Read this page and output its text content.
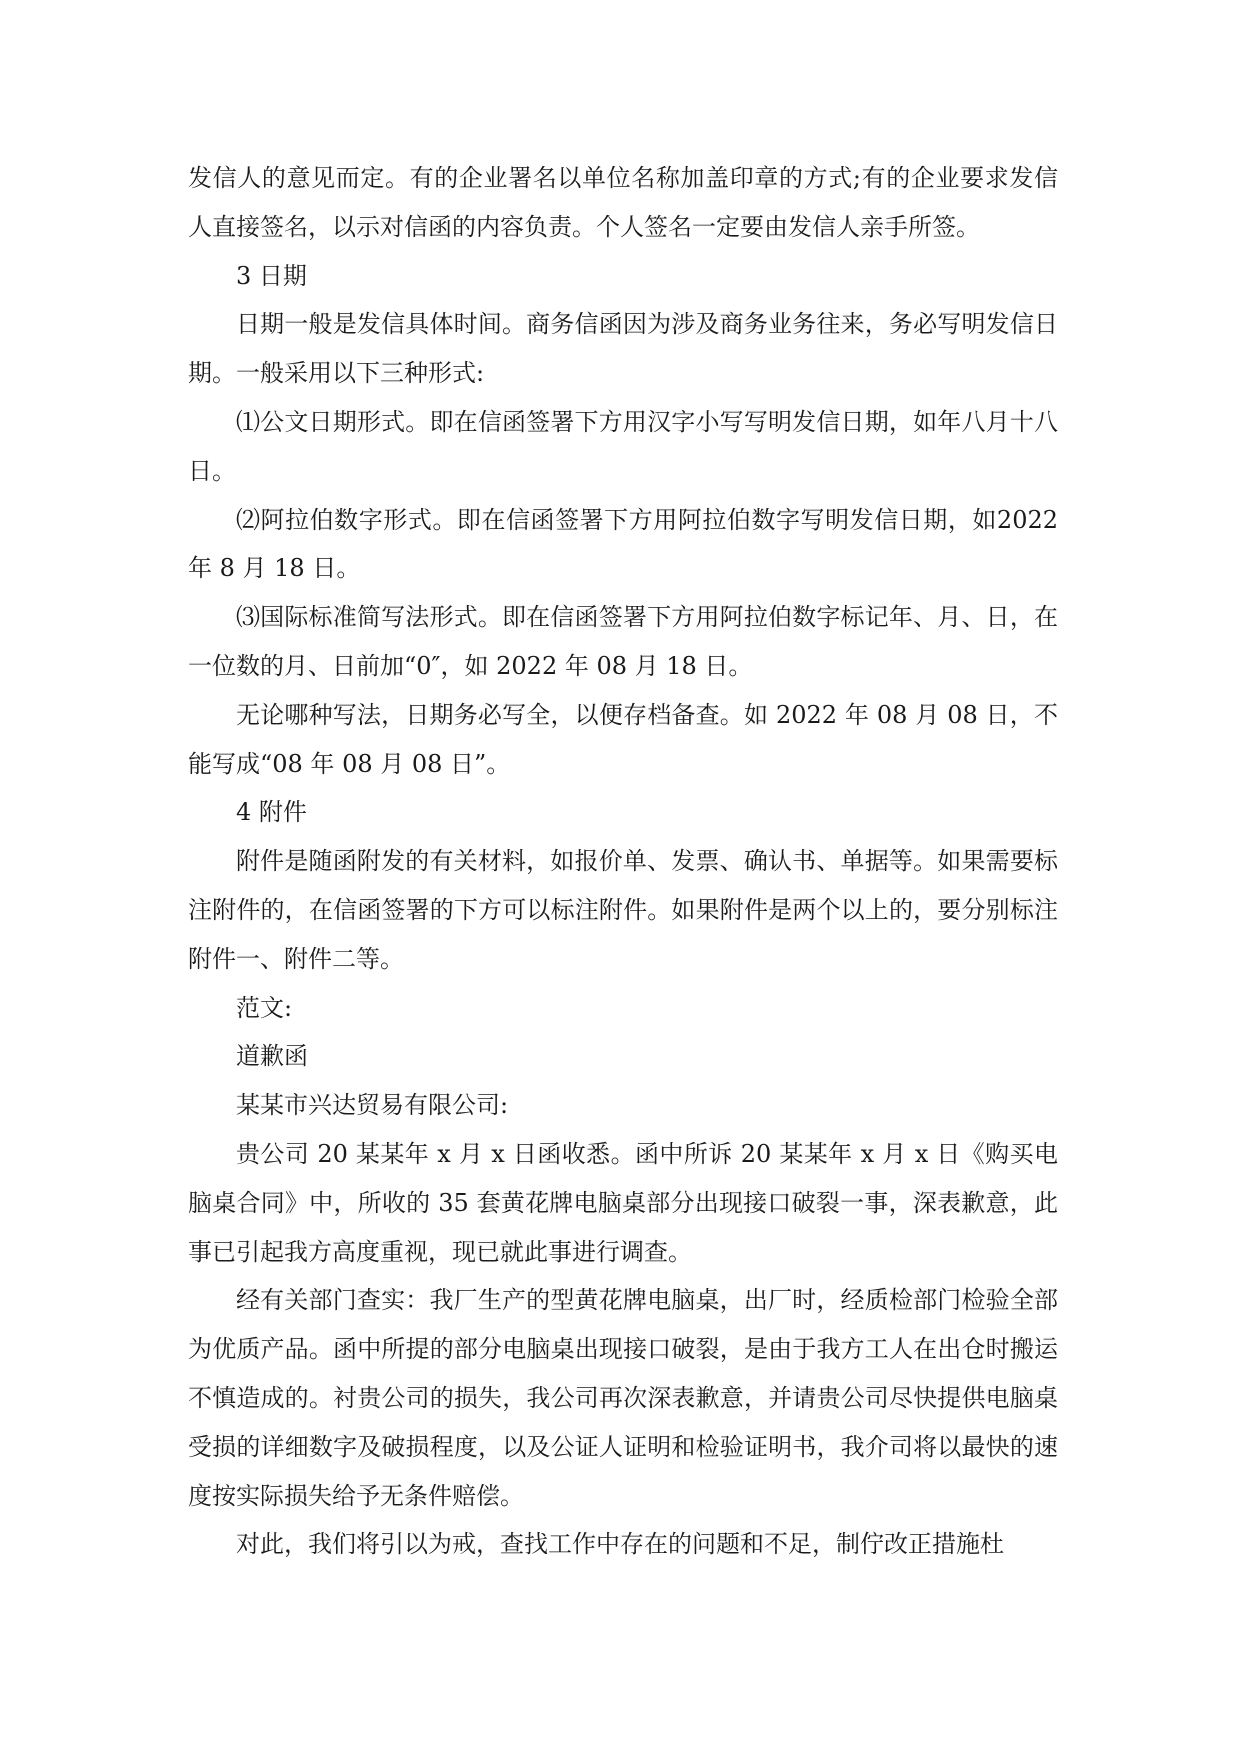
发信人的意见而定。有的企业署名以单位名称加盖印章的方式;有的企业要求发信人直接签名，以示对信函的内容负责。个人签名一定要由发信人亲手所签。

3 日期

日期一般是发信具体时间。商务信函因为涉及商务业务往来，务必写明发信日期。一般采用以下三种形式:

⑴公文日期形式。即在信函签署下方用汉字小写写明发信日期，如年八月十八日。

⑵阿拉伯数字形式。即在信函签署下方用阿拉伯数字写明发信日期，如2022 年 8 月 18 日。

⑶国际标准简写法形式。即在信函签署下方用阿拉伯数字标记年、月、日，在一位数的月、日前加“0″，如 2022 年 08 月 18 日。

无论哪种写法，日期务必写全，以便存档备查。如 2022 年 08 月 08 日，不能写成“08 年 08 月 08 日”。

4 附件

附件是随函附发的有关材料，如报价单、发票、确认书、单据等。如果需要标注附件的，在信函签署的下方可以标注附件。如果附件是两个以上的，要分别标注附件一、附件二等。

范文:

道歉函

某某市兴达贸易有限公司:

贵公司 20 某某年 x 月 x 日函收悉。函中所诉 20 某某年 x 月 x 日《购买电脑桌合同》中，所收的 35 套黄花牌电脑桌部分出现接口破裂一事，深表歉意，此事已引起我方高度重视，现已就此事进行调查。

经有关部门查实：我厂生产的型黄花牌电脑桌，出厂时，经质检部门检验全部为优质产品。函中所提的部分电脑桌出现接口破裂，是由于我方工人在出仓时搬运不慎造成的。衬贵公司的损失，我公司再次深表歉意，并请贵公司尽快提供电脑桌受损的详细数字及破损程度，以及公证人证明和检验证明书，我介司将以最快的速度按实际损失给予无条件赔偿。

对此，我们将引以为戒，查找工作中存在的问题和不足，制佇改正措施杜
